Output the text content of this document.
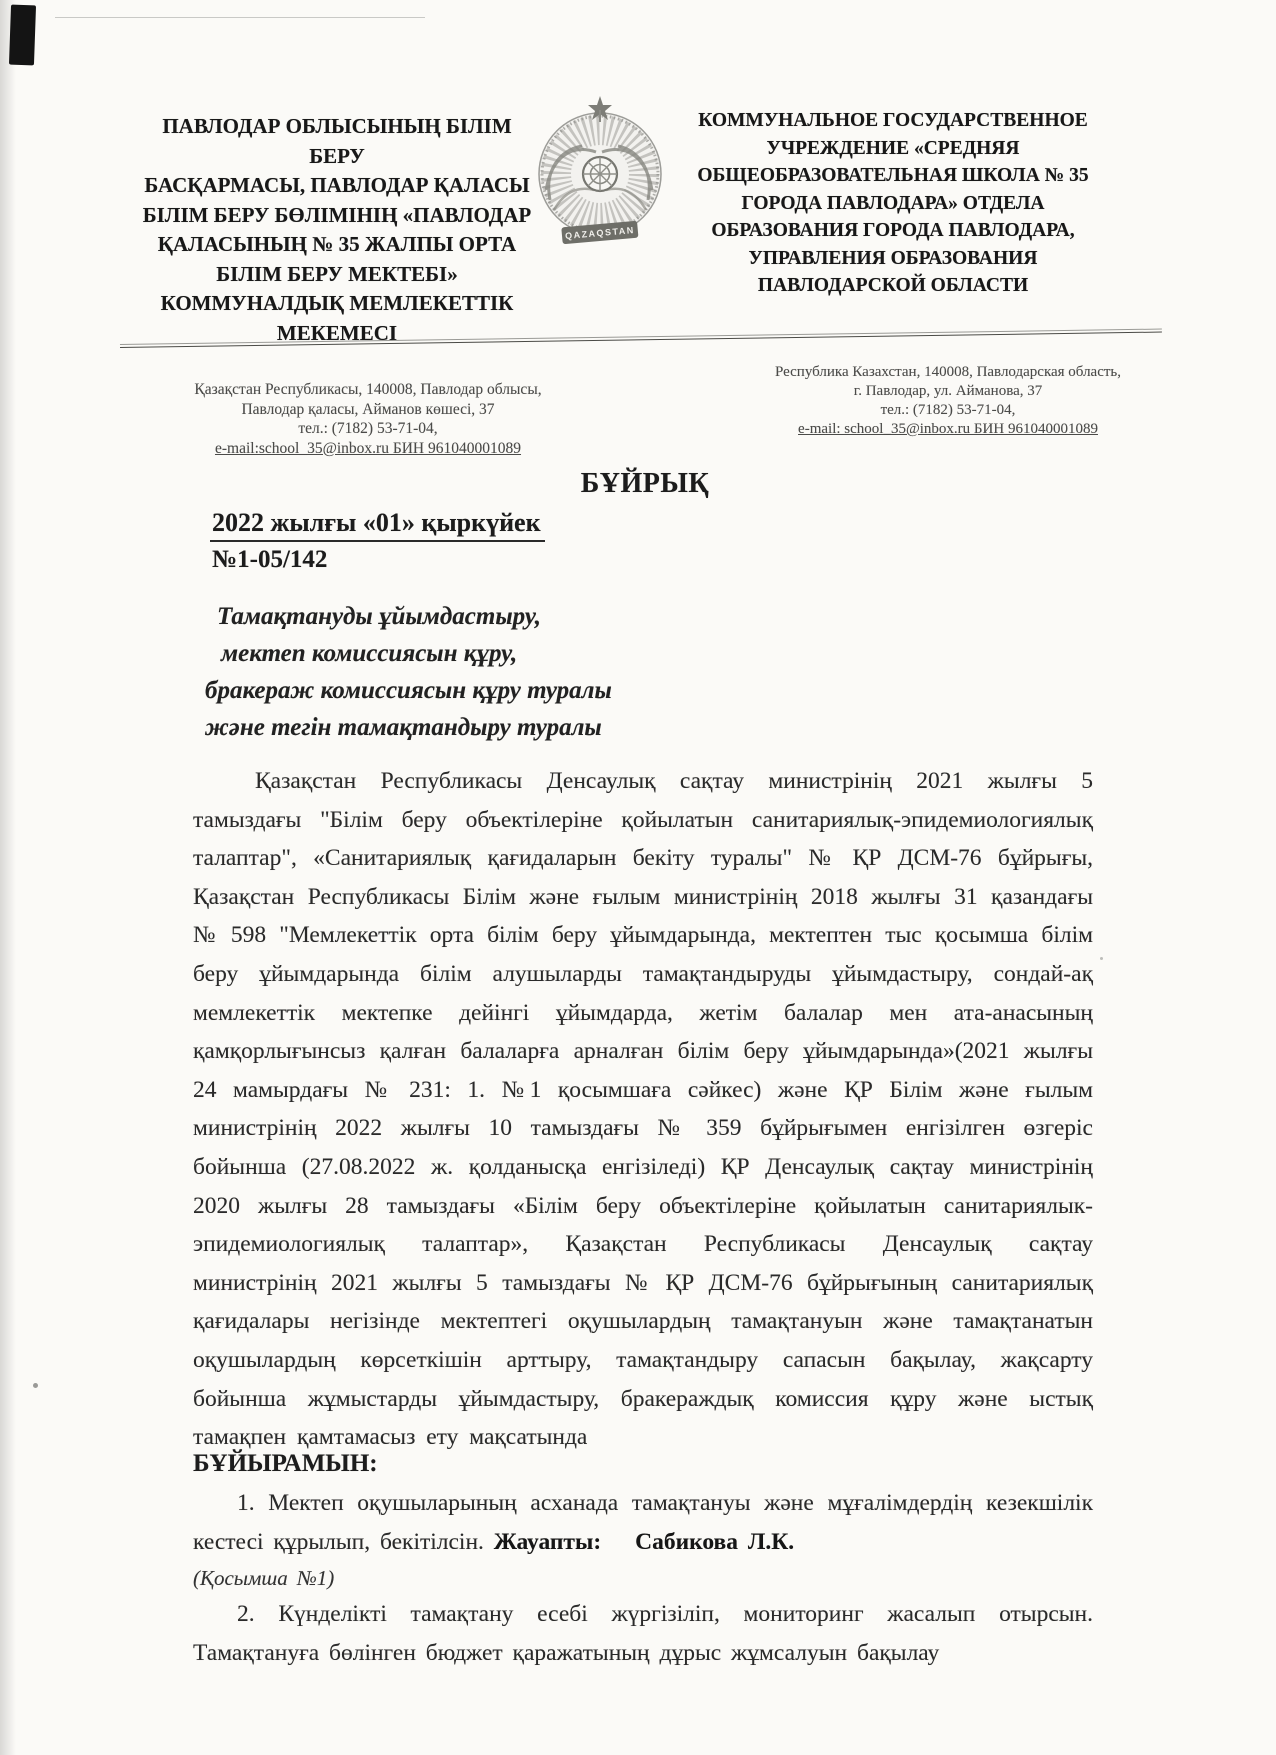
ПАВЛОДАР ОБЛЫСЫНЫҢ БІЛІМ БЕРУ
БАСҚАРМАСЫ, ПАВЛОДАР ҚАЛАСЫ
БІЛІМ БЕРУ БӨЛІМІНІҢ «ПАВЛОДАР
ҚАЛАСЫНЫҢ № 35 ЖАЛПЫ ОРТА
БІЛІМ БЕРУ МЕКТЕБІ»
КОММУНАЛДЫҚ МЕМЛЕКЕТТІК
МЕКЕМЕСІ
QAZAQSTAN
КОММУНАЛЬНОЕ ГОСУДАРСТВЕННОЕ
УЧРЕЖДЕНИЕ «СРЕДНЯЯ
ОБЩЕОБРАЗОВАТЕЛЬНАЯ ШКОЛА № 35
ГОРОДА ПАВЛОДАРА» ОТДЕЛА
ОБРАЗОВАНИЯ ГОРОДА ПАВЛОДАРА,
УПРАВЛЕНИЯ ОБРАЗОВАНИЯ
ПАВЛОДАРСКОЙ ОБЛАСТИ
Қазақстан Республикасы, 140008, Павлодар облысы,
Павлодар қаласы, Айманов көшесі, 37
тел.: (7182) 53-71-04,
e-mail:school_35@inbox.ru БИН 961040001089
Республика Казахстан, 140008, Павлодарская область,
г. Павлодар, ул. Айманова, 37
тел.: (7182) 53-71-04,
e-mail: school_35@inbox.ru БИН 961040001089
БҰЙРЫҚ
2022 жылғы «01» қыркүйек
№1-05/142
Тамақтануды ұйымдастыру,
мектеп комиссиясын құру,
бракераж комиссиясын құру туралы
және тегін тамақтандыру туралы

Қазақстан Республикасы Денсаулық сақтау министрінің 2021 жылғы 5 тамыздағы "Білім беру объектілеріне қойылатын санитариялық-эпидемиологиялық талаптар", «Санитариялық қағидаларын бекіту туралы" № ҚР ДСМ-76 бұйрығы, Қазақстан Республикасы Білім және ғылым министрінің 2018 жылғы 31 қазандағы № 598 "Мемлекеттік орта білім беру ұйымдарында, мектептен тыс қосымша білім беру ұйымдарында білім алушыларды тамақтандыруды ұйымдастыру, сондай-ақ мемлекеттік мектепке дейінгі ұйымдарда, жетім балалар мен ата-анасының қамқорлығынсыз қалған балаларға арналған білім беру ұйымдарында»(2021 жылғы 24 мамырдағы № 231: 1. №1 қосымшаға сәйкес) және ҚР Білім және ғылым министрінің 2022 жылғы 10 тамыздағы № 359 бұйрығымен енгізілген өзгеріс бойынша (27.08.2022 ж. қолданысқа енгізіледі) ҚР Денсаулық сақтау министрінің 2020 жылғы 28 тамыздағы «Білім беру объектілеріне қойылатын санитариялык-эпидемиологиялық талаптар», Қазақстан Республикасы Денсаулық сақтау министрінің 2021 жылғы 5 тамыздағы № ҚР ДСМ-76 бұйрығының санитариялық қағидалары негізінде мектептегі оқушылардың тамақтануын және тамақтанатын оқушылардың көрсеткішін арттыру, тамақтандыру сапасын бақылау, жақсарту бойынша жұмыстарды ұйымдастыру, бракераждық комиссия құру және ыстық тамақпен қамтамасыз ету мақсатында

БҰЙЫРАМЫН:

1. Мектеп оқушыларының асханада тамақтануы және мұғалімдердің кезекшілік кестесі құрылып, бекітілсін. Жауапты: Сабикова Л.К.

(Қосымша №1)

2. Күнделікті тамақтану есебі жүргізіліп, мониторинг жасалып отырсын. Тамақтануға бөлінген бюджет қаражатының дұрыс жұмсалуын бақылау
